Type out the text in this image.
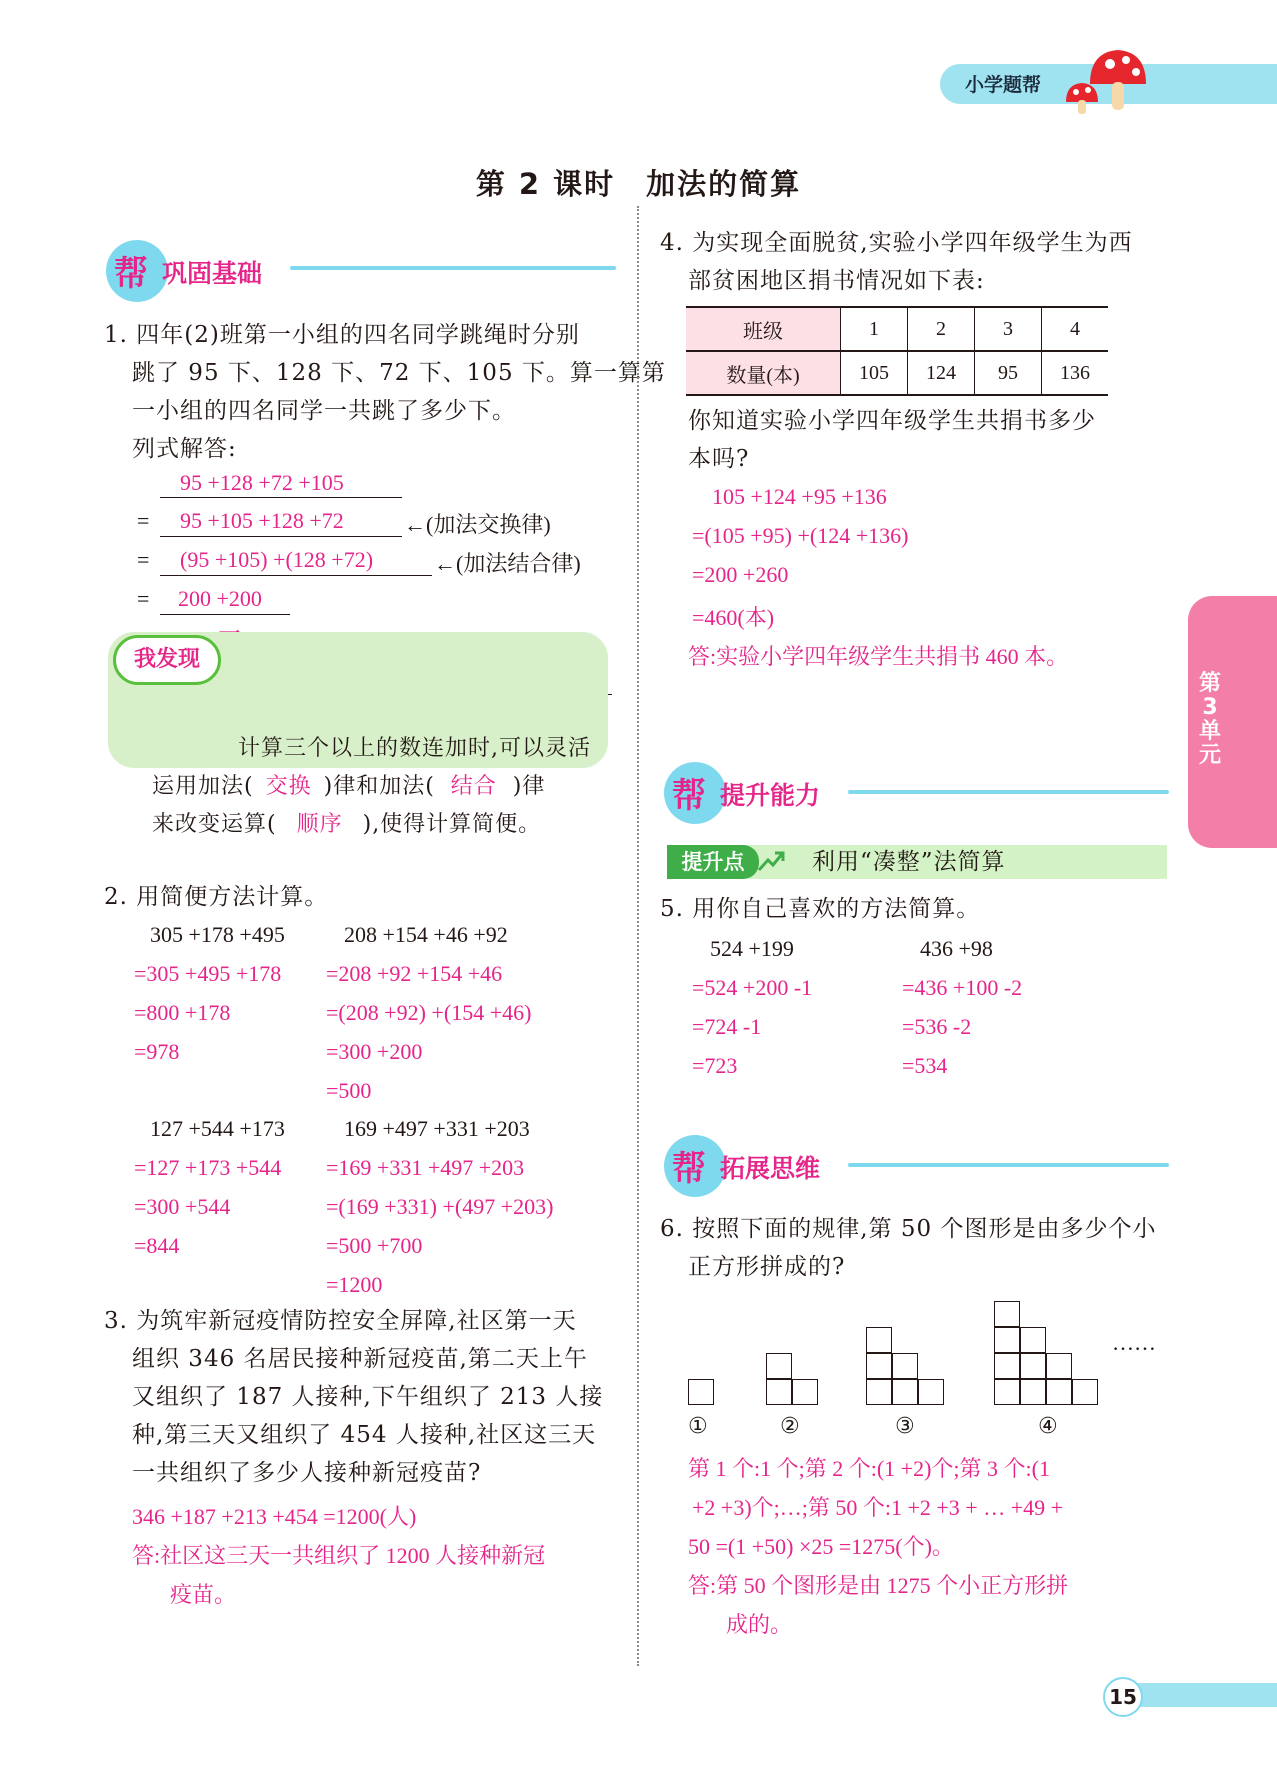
小学题帮
第 2 课时　加法的简算
帮 巩固基础
1. 四年(2)班第一小组的四名同学跳绳时分别
跳了 95 下、128 下、72 下、105 下。算一算第
一小组的四名同学一共跳了多少下。
列式解答:
95 +128 +72 +105
= 95 +105 +128 +72	←(加法交换律)
= (95 +105) +(128 +72)	←(加法结合律)
= 200 +200
我发现
计算三个以上的数连加时,可以灵活
运用加法( 交换 )律和加法( 结合 )律
来改变运算( 顺序 ),使得计算简便。
2. 用简便方法计算。
305 +178 +495
=305 +495 +178
=800 +178
=978
208 +154 +46 +92
=208 +92 +154 +46
=(208 +92) +(154 +46)
=300 +200
=500
127 +544 +173
=127 +173 +544
=300 +544
=844
169 +497 +331 +203
=169 +331 +497 +203
=(169 +331) +(497 +203)
=500 +700
=1200
3. 为筑牢新冠疫情防控安全屏障,社区第一天
组织 346 名居民接种新冠疫苗,第二天上午
又组织了 187 人接种,下午组织了 213 人接
种,第三天又组织了 454 人接种,社区这三天
一共组织了多少人接种新冠疫苗?
346 +187 +213 +454 =1200(人)
答:社区这三天一共组织了 1200 人接种新冠
疫苗。
4. 为实现全面脱贫,实验小学四年级学生为西
部贫困地区捐书情况如下表:
班级	1	2	3	4
数量(本)	105	124	95	136
你知道实验小学四年级学生共捐书多少
本吗?
105 +124 +95 +136
=(105 +95) +(124 +136)
=200 +260
=460(本)
答:实验小学四年级学生共捐书 460 本。
帮 提升能力
提升点	利用“凑整”法简算
5. 用你自己喜欢的方法简算。
524 +199
=524 +200 -1
=724 -1
=723
436 +98
=436 +100 -2
=536 -2
=534
帮 拓展思维
6. 按照下面的规律,第 50 个图形是由多少个小
正方形拼成的?
……
①	②	③	④
第 1 个:1 个;第 2 个:(1 +2)个;第 3 个:(1
+2 +3)个;…;第 50 个:1 +2 +3 + … +49 +
50 =(1 +50) ×25 =1275(个)。
答:第 50 个图形是由 1275 个小正方形拼
成的。
第3单元
15
